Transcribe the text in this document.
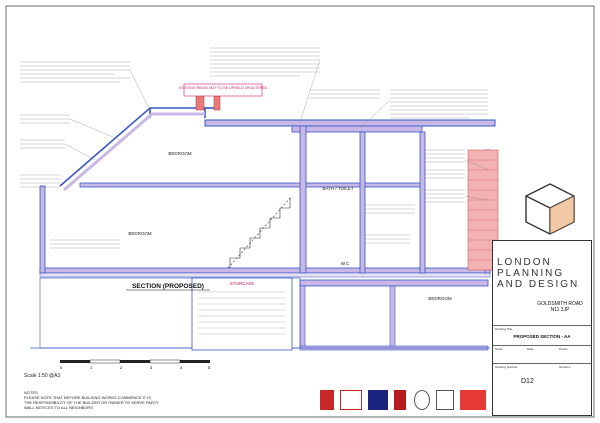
STAIRCASE
EXISTING RIDGE NOT TO BE UPHELD OR ALTERED
BEDROOM
BEDROOM
BATH / TOILET
W.C
BEDROOM
SECTION (PROPOSED)
Scale 1:50 @A3
0	1	2	3	4	5
NOTES
PLEASE NOTE THAT BEFORE BUILDING WORKS COMMENCE IT IS
THE RESPONSIBILITY OF THE BUILDER OR OWNER TO SERVE PARTY
WALL NOTICES TO ALL NEIGHBORS
LONDON
PLANNING
AND DESIGN
GOLDSMITH ROAD N11 3JP
Drawing Title
PROPOSED SECTION - AA
Scale	Date	Drawn
Drawing Number	Revision
D12
